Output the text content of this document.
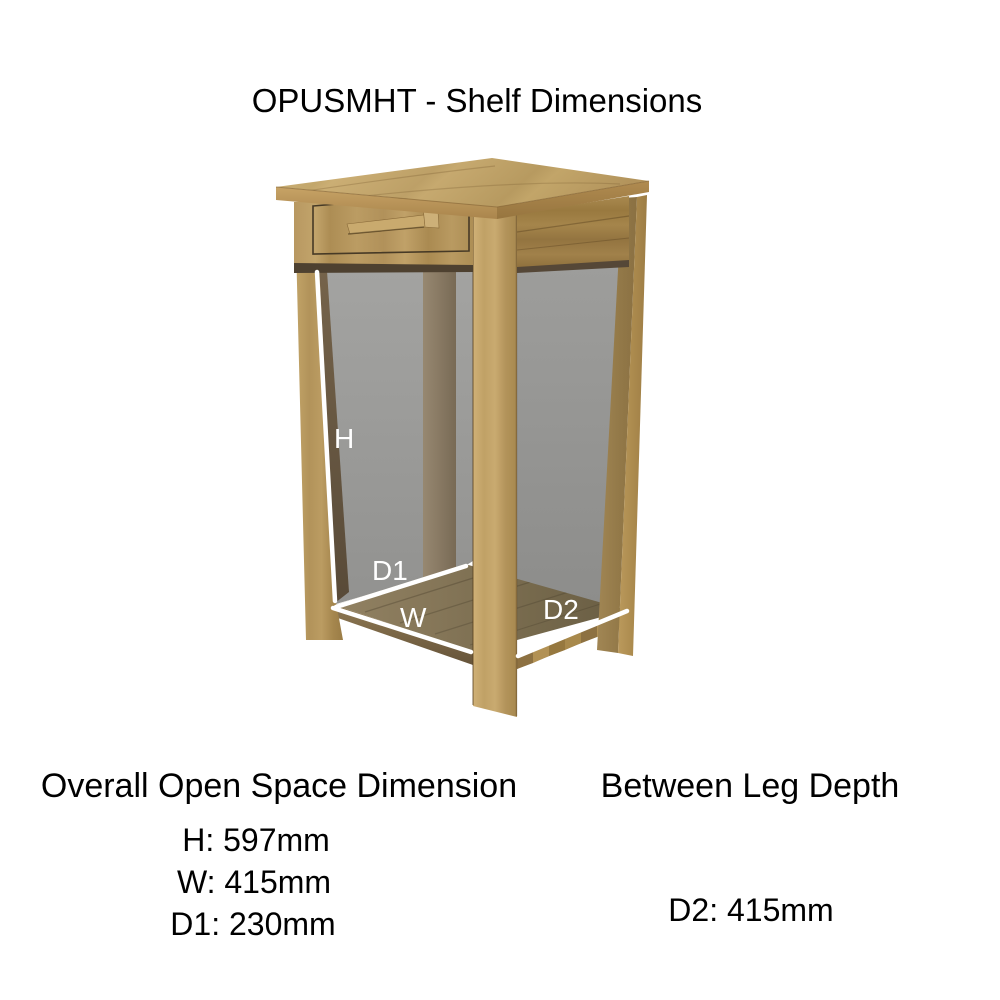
OPUSMHT - Shelf Dimensions
H
D1
W	D2
Overall Open Space Dimension
H: 597mm
W: 415mm
D1: 230mm
Between Leg Depth
D2: 415mm
